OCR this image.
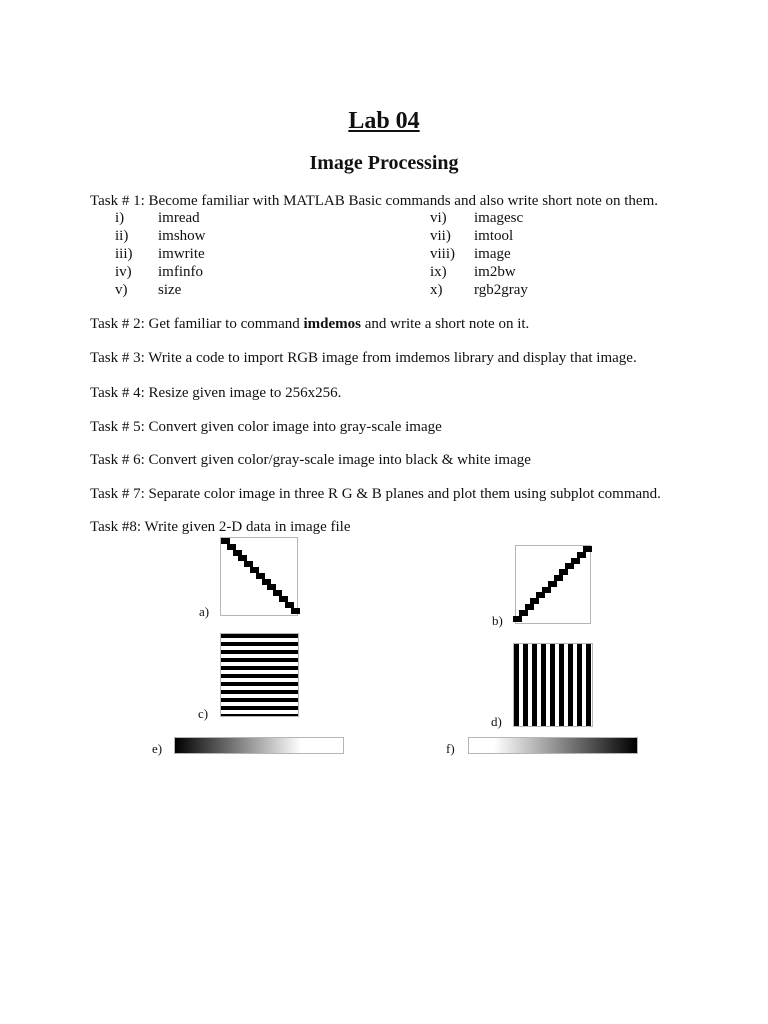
Lab 04
Image Processing
Task # 1: Become familiar with MATLAB Basic commands and also write short note on them.
i) imread
ii) imshow
iii) imwrite
iv) imfinfo
v) size
vi) imagesc
vii) imtool
viii) image
ix) im2bw
x) rgb2gray
Task # 2: Get familiar to command imdemos and write a short note on it.
Task # 3: Write a code to import RGB image from imdemos library and display that image.
Task # 4: Resize given image to 256x256.
Task # 5: Convert given color image into gray-scale image
Task # 6: Convert given color/gray-scale image into black & white image
Task # 7: Separate color image in three R G & B planes and plot them using subplot command.
Task #8: Write given 2-D data in image file
a)
b)
c)
d)
e)	f)
